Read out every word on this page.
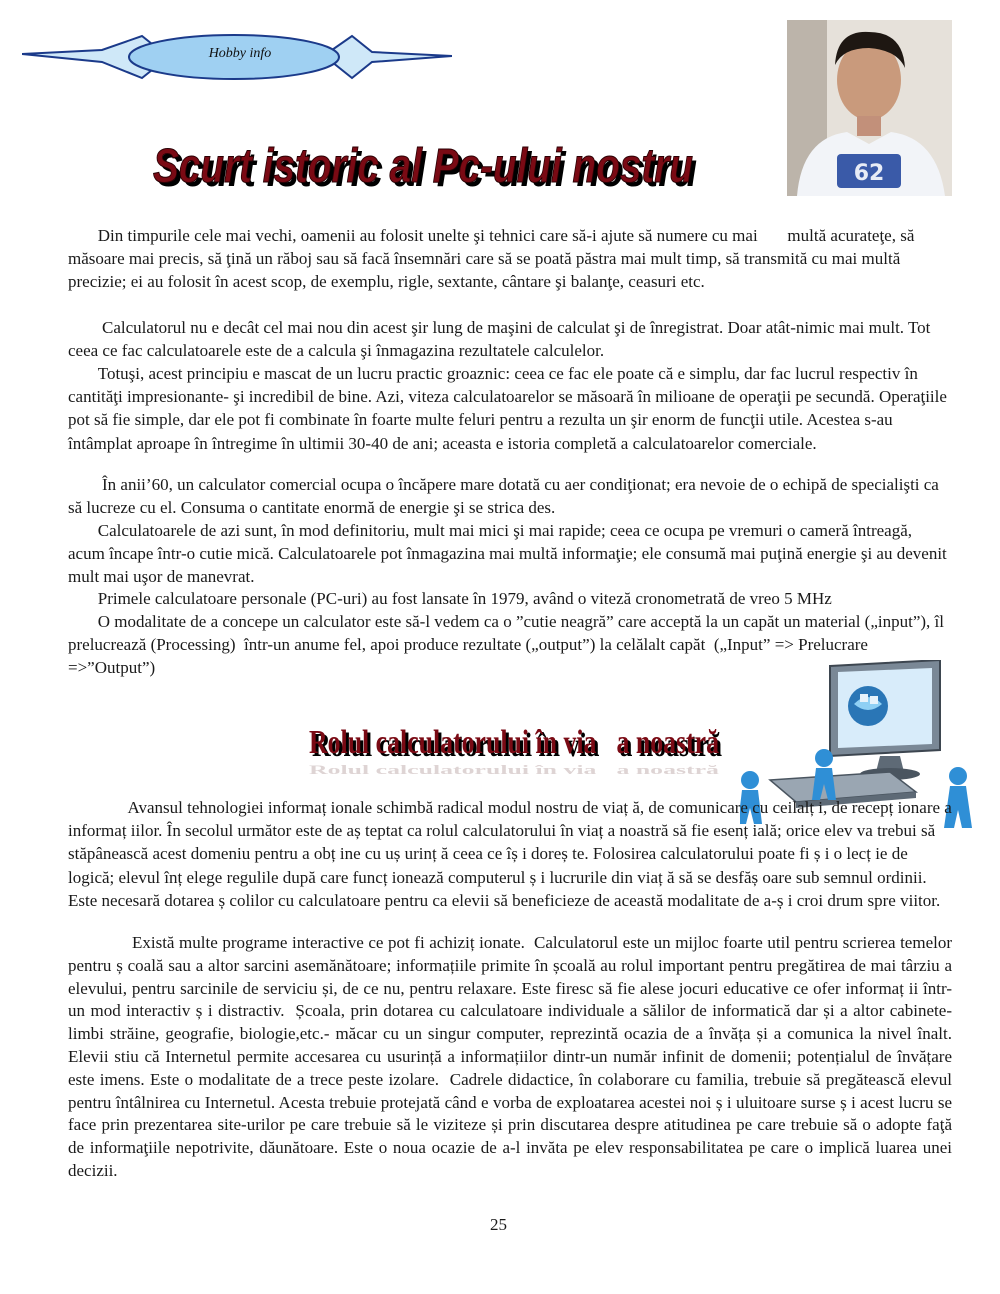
Hobby info
62
Scurt istoric al Pc-ului nostru
Scurt istoric al Pc-ului nostru

Din timpurile cele mai vechi, oamenii au folosit unelte şi tehnici care să-i ajute să numere cu mai       multă acurateţe, să măsoare mai precis, să ţină un răboj sau să facă însemnări care să se poată păstra mai mult timp, să transmită cu mai multă precizie; ei au folosit în acest scop, de exemplu, rigle, sextante, cântare şi balanţe, ceasuri etc.

Calculatorul nu e decât cel mai nou din acest şir lung de maşini de calculat şi de înregistrat. Doar atât-nimic mai mult. Tot ceea ce fac calculatoarele este de a calcula şi înmagazina rezultatele calculelor.

Totuşi, acest principiu e mascat de un lucru practic groaznic: ceea ce fac ele poate că e simplu, dar fac lucrul respectiv în cantităţi impresionante- şi incredibil de bine. Azi, viteza calculatoarelor se măsoară în milioane de operaţii pe secundă. Operaţiile pot să fie simple, dar ele pot fi combinate în foarte multe feluri pentru a rezulta un şir enorm de funcţii utile. Acestea s-au întâmplat aproape în întregime în ultimii 30-40 de ani; aceasta e istoria completă a calculatoarelor comerciale.

În anii’60, un calculator comercial ocupa o încăpere mare dotată cu aer condiţionat; era nevoie de o echipă de specialişti ca să lucreze cu el. Consuma o cantitate enormă de energie şi se strica des.

Calculatoarele de azi sunt, în mod definitoriu, mult mai mici şi mai rapide; ceea ce ocupa pe vremuri o cameră întreagă, acum încape într-o cutie mică. Calculatoarele pot înmagazina mai multă informaţie; ele consumă mai puţină energie şi au devenit mult mai uşor de manevrat.

Primele calculatoare personale (PC-uri) au fost lansate în 1979, având o viteză cronometrată de vreo 5 MHz

O modalitate de a concepe un calculator este să-l vedem ca o ”cutie neagră” care acceptă la un capăt un material („input”), îl prelucrează (Processing)  într-un anume fel, apoi produce rezultate („output”) la celălalt capăt  („Input” => Prelucrare =>”Output”)

Rolul calculatorului în via a noastră
Rolul calculatorului în via a noastră
Rolul calculatorului în via a noastră

Avansul tehnologiei informaț ionale schimbă radical modul nostru de viaț ă, de comunicare cu ceilalț i, de recepț ionare a informaț iilor. În secolul următor este de aș teptat ca rolul calculatorului în viaț a noastră să fie esenț ială; orice elev va trebui să stăpânească acest domeniu pentru a obț ine cu uș urinț ă ceea ce îș i doreș te. Folosirea calculatorului poate fi ș i o lecț ie de logică; elevul înț elege regulile după care funcț ionează computerul ș i lucrurile din viaț ă să se desfăș oare sub semnul ordinii. Este necesară dotarea ș colilor cu calculatoare pentru ca elevii să beneficieze de această modalitate de a-ș i croi drum spre viitor.

Există multe programe interactive ce pot fi achiziț ionate.  Calculatorul este un mijloc foarte util pentru scrierea temelor pentru ș coală sau a altor sarcini asemănătoare; informațiile primite în școală au rolul important pentru pregătirea de mai târziu a elevului, pentru sarcinile de serviciu și, de ce nu, pentru relaxare. Este firesc să fie alese jocuri educative ce ofer informaț ii într-un mod interactiv ș i distractiv.  Școala, prin dotarea cu calculatoare individuale a sălilor de informatică dar și a altor cabinete-limbi străine, geografie, biologie,etc.- măcar cu un singur computer, reprezintă ocazia de a învăța și a comunica la nivel înalt. Elevii stiu că Internetul permite accesarea cu usurință a informațiilor dintr-un număr infinit de domenii; potențialul de învățare este imens. Este o modalitate de a trece peste izolare.  Cadrele didactice, în colaborare cu familia, trebuie să pregătească elevul pentru întâlnirea cu Internetul. Acesta trebuie protejată când e vorba de exploatarea acestei noi ș i uluitoare surse ș i acest lucru se face prin prezentarea site-urilor pe care trebuie să le viziteze și prin discutarea despre atitudinea pe care trebuie să o adopte faţă de informaţiile nepotrivite, dăunătoare. Este o noua ocazie de a-l invăta pe elev responsabilitatea pe care o implică luarea unei decizii.

25
